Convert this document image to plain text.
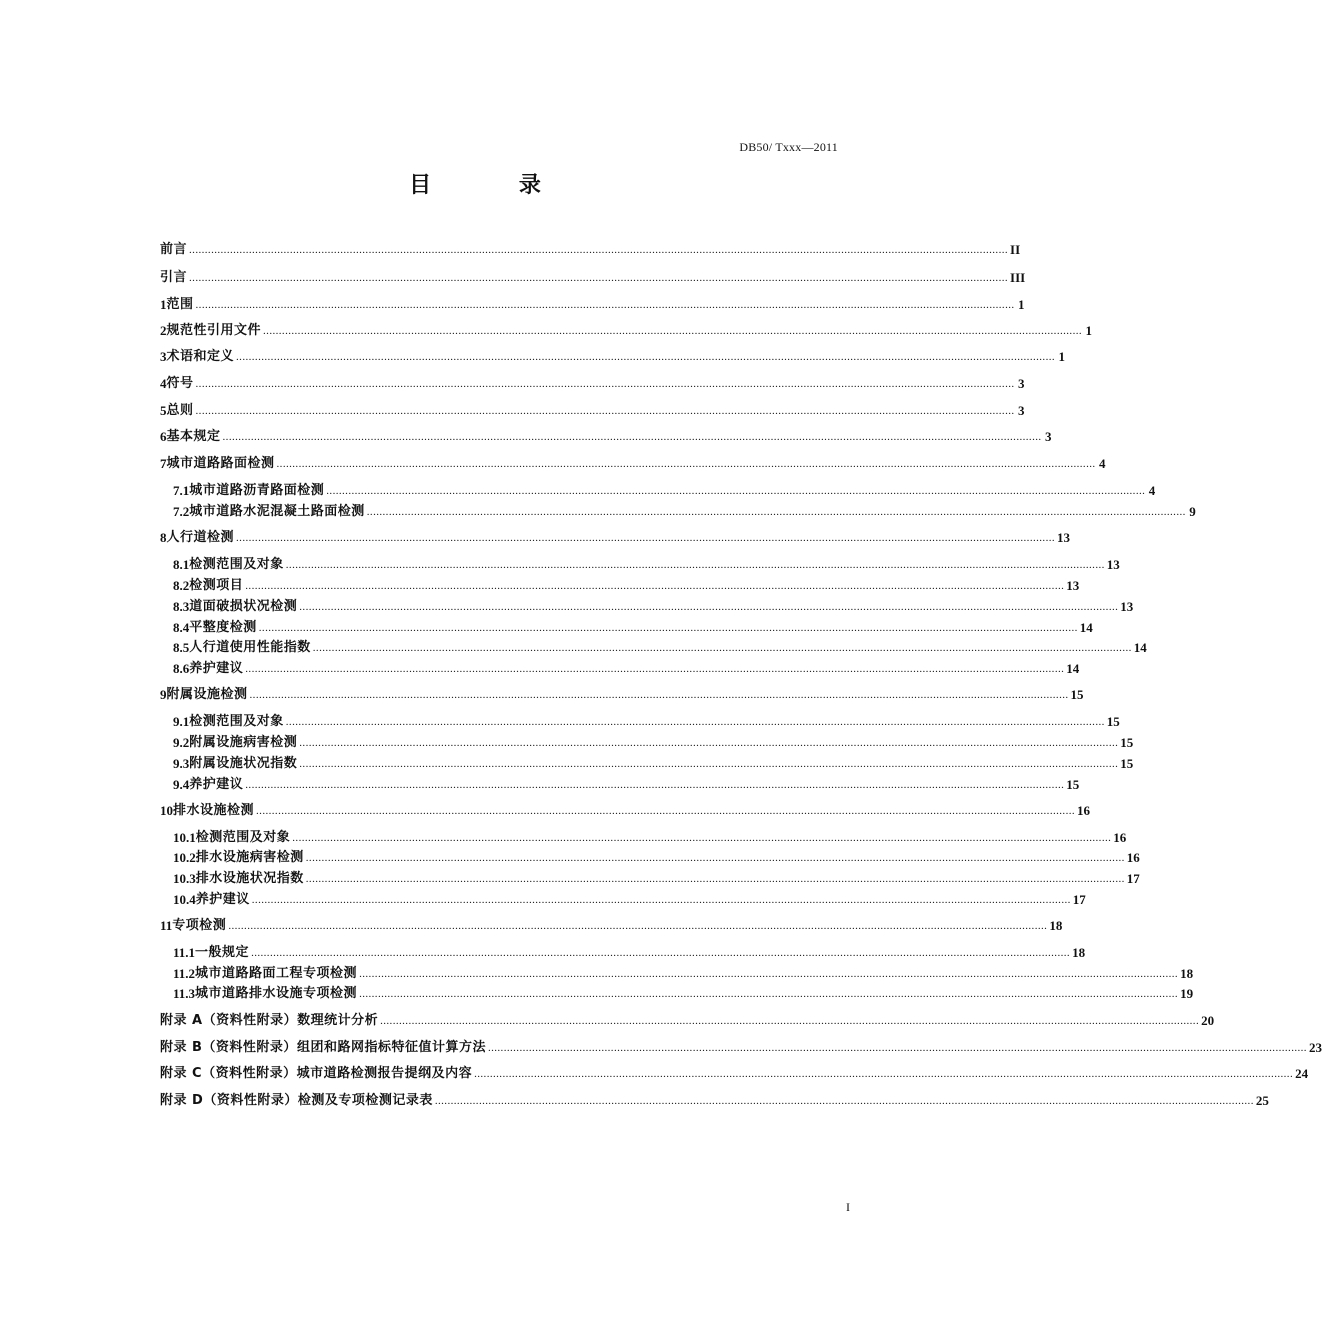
DB50/ Txxx—2011
目 录
前言 .................................................................................................................................................................................................................................................................... II
引言 .................................................................................................................................................................................................................................................................... III
1 范围 .................................................................................................................................................................................................................................................................... 1
2 规范性引用文件 .................................................................................................................................................................................................................................................................... 1
3 术语和定义 .................................................................................................................................................................................................................................................................... 1
4 符号 .................................................................................................................................................................................................................................................................... 3
5 总则 .................................................................................................................................................................................................................................................................... 3
6 基本规定 .................................................................................................................................................................................................................................................................... 3
7 城市道路路面检测 .................................................................................................................................................................................................................................................................... 4
7.1 城市道路沥青路面检测 .................................................................................................................................................................................................................................................................... 4
7.2 城市道路水泥混凝土路面检测 .................................................................................................................................................................................................................................................................... 9
8 人行道检测 .................................................................................................................................................................................................................................................................... 13
8.1 检测范围及对象 .................................................................................................................................................................................................................................................................... 13
8.2 检测项目 .................................................................................................................................................................................................................................................................... 13
8.3 道面破损状况检测 .................................................................................................................................................................................................................................................................... 13
8.4 平整度检测 .................................................................................................................................................................................................................................................................... 14
8.5 人行道使用性能指数 .................................................................................................................................................................................................................................................................... 14
8.6 养护建议 .................................................................................................................................................................................................................................................................... 14
9 附属设施检测 .................................................................................................................................................................................................................................................................... 15
9.1 检测范围及对象 .................................................................................................................................................................................................................................................................... 15
9.2 附属设施病害检测 .................................................................................................................................................................................................................................................................... 15
9.3 附属设施状况指数 .................................................................................................................................................................................................................................................................... 15
9.4 养护建议 .................................................................................................................................................................................................................................................................... 15
10 排水设施检测 .................................................................................................................................................................................................................................................................... 16
10.1 检测范围及对象 .................................................................................................................................................................................................................................................................... 16
10.2 排水设施病害检测 .................................................................................................................................................................................................................................................................... 16
10.3 排水设施状况指数 .................................................................................................................................................................................................................................................................... 17
10.4 养护建议 .................................................................................................................................................................................................................................................................... 17
11 专项检测 .................................................................................................................................................................................................................................................................... 18
11.1 一般规定 .................................................................................................................................................................................................................................................................... 18
11.2 城市道路路面工程专项检测 .................................................................................................................................................................................................................................................................... 18
11.3 城市道路排水设施专项检测 .................................................................................................................................................................................................................................................................... 19
附录 A（资料性附录） 数理统计分析 .................................................................................................................................................................................................................................................................... 20
附录 B（资料性附录） 组团和路网指标特征值计算方法 .................................................................................................................................................................................................................................................................... 23
附录 C（资料性附录） 城市道路检测报告提纲及内容 .................................................................................................................................................................................................................................................................... 24
附录 D（资料性附录） 检测及专项检测记录表 .................................................................................................................................................................................................................................................................... 25
I
